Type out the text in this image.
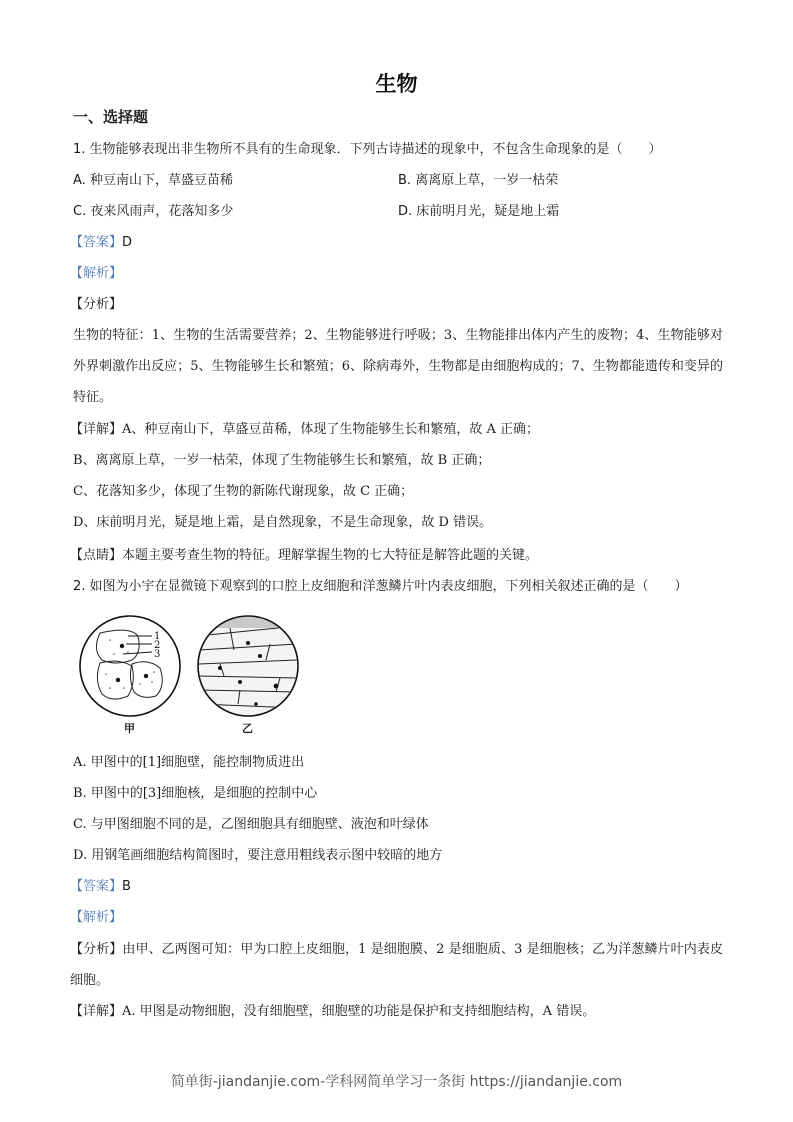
生物
一、选择题
1. 生物能够表现出非生物所不具有的生命现象．下列古诗描述的现象中，不包含生命现象的是（　　）
A. 种豆南山下，草盛豆苗稀	B. 离离原上草，一岁一枯荣
C. 夜来风雨声，花落知多少	D. 床前明月光，疑是地上霜
【答案】D
【解析】
【分析】
生物的特征：1、生物的生活需要营养；2、生物能够进行呼吸；3、生物能排出体内产生的废物；4、生物能够对外界刺激作出反应；5、生物能够生长和繁殖；6、除病毒外，生物都是由细胞构成的；7、生物都能遗传和变异的特征。
【详解】A、种豆南山下，草盛豆苗稀，体现了生物能够生长和繁殖，故 A 正确；
B、离离原上草，一岁一枯荣，体现了生物能够生长和繁殖，故 B 正确；
C、花落知多少，体现了生物的新陈代谢现象，故 C 正确；
D、床前明月光，疑是地上霜，是自然现象，不是生命现象，故 D 错误。
【点睛】本题主要考查生物的特征。理解掌握生物的七大特征是解答此题的关键。
2. 如图为小宇在显微镜下观察到的口腔上皮细胞和洋葱鳞片叶内表皮细胞，下列相关叙述正确的是（　　）
1
2
3
甲	乙
A. 甲图中的[1]细胞壁，能控制物质进出
B. 甲图中的[3]细胞核，是细胞的控制中心
C. 与甲图细胞不同的是，乙图细胞具有细胞壁、液泡和叶绿体
D. 用钢笔画细胞结构简图时，要注意用粗线表示图中较暗的地方
【答案】B
【解析】
【分析】由甲、乙两图可知：甲为口腔上皮细胞，1 是细胞膜、2 是细胞质、3 是细胞核；乙为洋葱鳞片叶内表皮细胞。
【详解】A. 甲图是动物细胞，没有细胞壁，细胞壁的功能是保护和支持细胞结构，A 错误。
简单街-jiandanjie.com-学科网简单学习一条街 https://jiandanjie.com
